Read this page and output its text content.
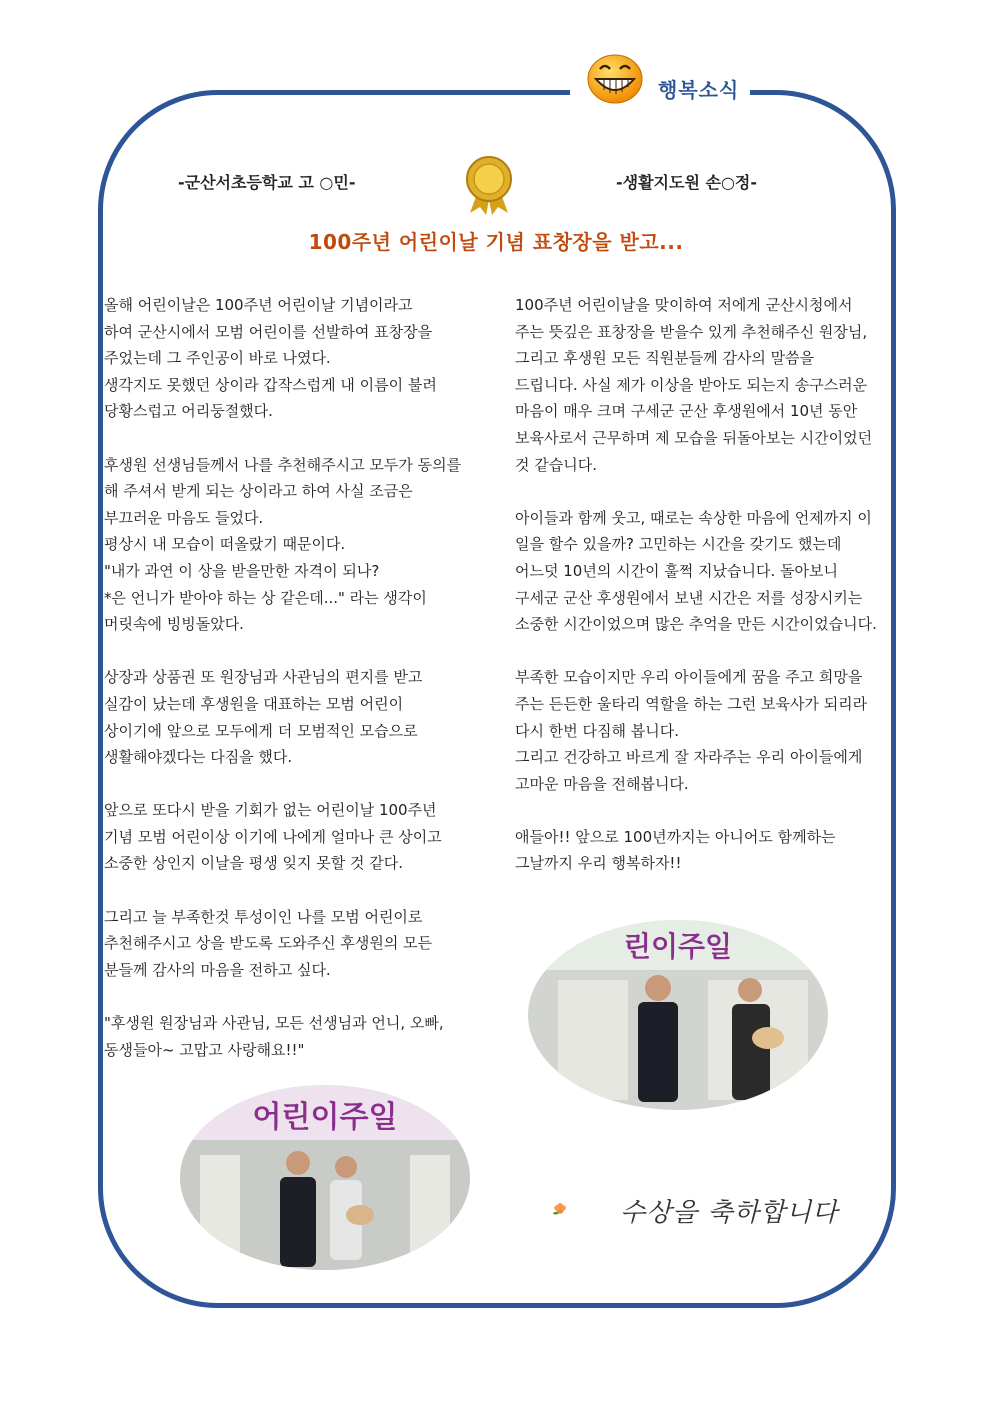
행복소식
-군산서초등학교 고 ○민-	-생활지도원 손○정-
100주년 어린이날 기념 표창장을 받고...
올해 어린이날은 100주년 어린이날 기념이라고
하여 군산시에서 모범 어린이를 선발하여 표창장을
주었는데 그 주인공이 바로 나였다.
생각지도 못했던 상이라 갑작스럽게 내 이름이 불려
당황스럽고 어리둥절했다.
후생원 선생님들께서 나를 추천해주시고 모두가 동의를
해 주셔서 받게 되는 상이라고 하여 사실 조금은
부끄러운 마음도 들었다.
평상시 내 모습이 떠올랐기 때문이다.
"내가 과연 이 상을 받을만한 자격이 되나?
*은 언니가 받아야 하는 상 같은데..." 라는 생각이
머릿속에 빙빙돌았다.
상장과 상품권 또 원장님과 사관님의 편지를 받고
실감이 났는데 후생원을 대표하는 모범 어린이
상이기에 앞으로 모두에게 더 모범적인 모습으로
생활해야겠다는 다짐을 했다.
앞으로 또다시 받을 기회가 없는 어린이날 100주년
기념 모범 어린이상 이기에 나에게 얼마나 큰 상이고
소중한 상인지 이날을 평생 잊지 못할 것 같다.
그리고 늘 부족한것 투성이인 나를 모범 어린이로
추천해주시고 상을 받도록 도와주신 후생원의 모든
분들께 감사의 마음을 전하고 싶다.
"후생원 원장님과 사관님, 모든 선생님과 언니, 오빠,
동생들아~ 고맙고 사랑해요!!"
100주년 어린이날을 맞이하여 저에게 군산시청에서
주는 뜻깊은 표창장을 받을수 있게 추천해주신 원장님,
그리고 후생원 모든 직원분들께 감사의 말씀을
드립니다. 사실 제가 이상을 받아도 되는지 송구스러운
마음이 매우 크며 구세군 군산 후생원에서 10년 동안
보육사로서 근무하며 제 모습을 뒤돌아보는 시간이었던
것 같습니다.
아이들과 함께 웃고, 때로는 속상한 마음에 언제까지 이
일을 할수 있을까? 고민하는 시간을 갖기도 했는데
어느덧 10년의 시간이 훌쩍 지났습니다. 돌아보니
구세군 군산 후생원에서 보낸 시간은 저를 성장시키는
소중한 시간이었으며 많은 추억을 만든 시간이었습니다.
부족한 모습이지만 우리 아이들에게 꿈을 주고 희망을
주는 든든한 울타리 역할을 하는 그런 보육사가 되리라
다시 한번 다짐해 봅니다.
그리고 건강하고 바르게 잘 자라주는 우리 아이들에게
고마운 마음을 전해봅니다.
애들아!! 앞으로 100년까지는 아니어도 함께하는
그날까지 우리 행복하자!!
어린이주일
린이주일
수상을 축하합니다
